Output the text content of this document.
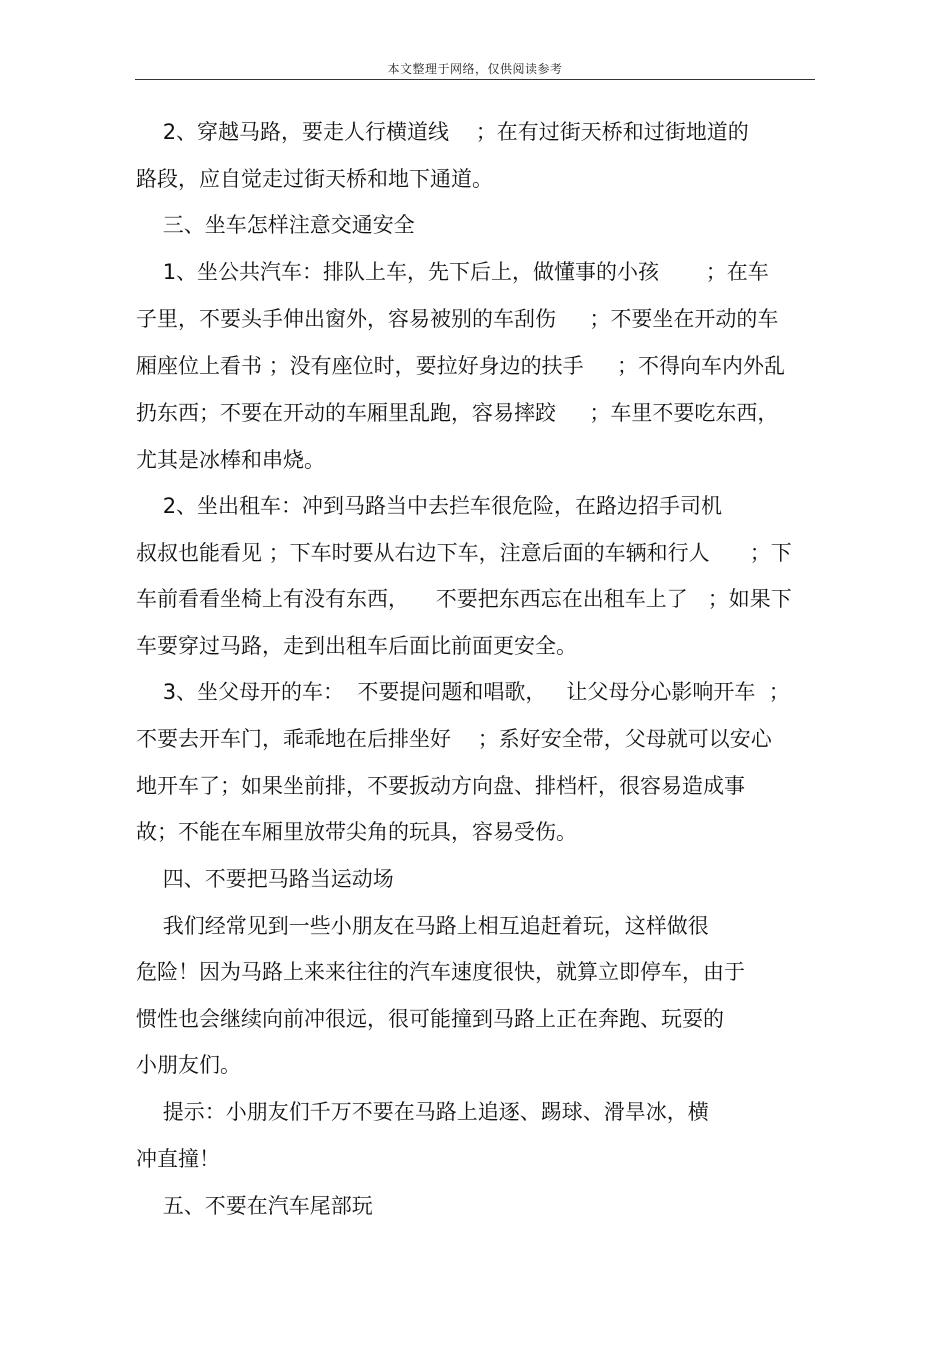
本文整理于网络，仅供阅读参考
2、穿越马路，要走人行横道线    ；在有过街天桥和过街地道的
路段，应自觉走过街天桥和地下通道。
三、坐车怎样注意交通安全
1、坐公共汽车：排队上车，先下后上，做懂事的小孩       ；在车
子里，不要头手伸出窗外，容易被别的车刮伤     ；不要坐在开动的车
厢座位上看书 ；没有座位时，要拉好身边的扶手     ；不得向车内外乱
扔东西；不要在开动的车厢里乱跑，容易摔跤     ；车里不要吃东西，
尤其是冰棒和串烧。
2、坐出租车：冲到马路当中去拦车很危险，在路边招手司机
叔叔也能看见 ；下车时要从右边下车，注意后面的车辆和行人      ；下
车前看看坐椅上有没有东西，    不要把东西忘在出租车上了   ；如果下
车要穿过马路，走到出租车后面比前面更安全。
3、坐父母开的车：  不要提问题和唱歌，   让父母分心影响开车  ；
不要去开车门，乖乖地在后排坐好    ；系好安全带，父母就可以安心
地开车了；如果坐前排，不要扳动方向盘、排档杆，很容易造成事
故；不能在车厢里放带尖角的玩具，容易受伤。
四、不要把马路当运动场
我们经常见到一些小朋友在马路上相互追赶着玩，这样做很
危险！因为马路上来来往往的汽车速度很快，就算立即停车，由于
惯性也会继续向前冲很远，很可能撞到马路上正在奔跑、玩耍的
小朋友们。
提示：小朋友们千万不要在马路上追逐、踢球、滑旱冰，横
冲直撞！
五、不要在汽车尾部玩
